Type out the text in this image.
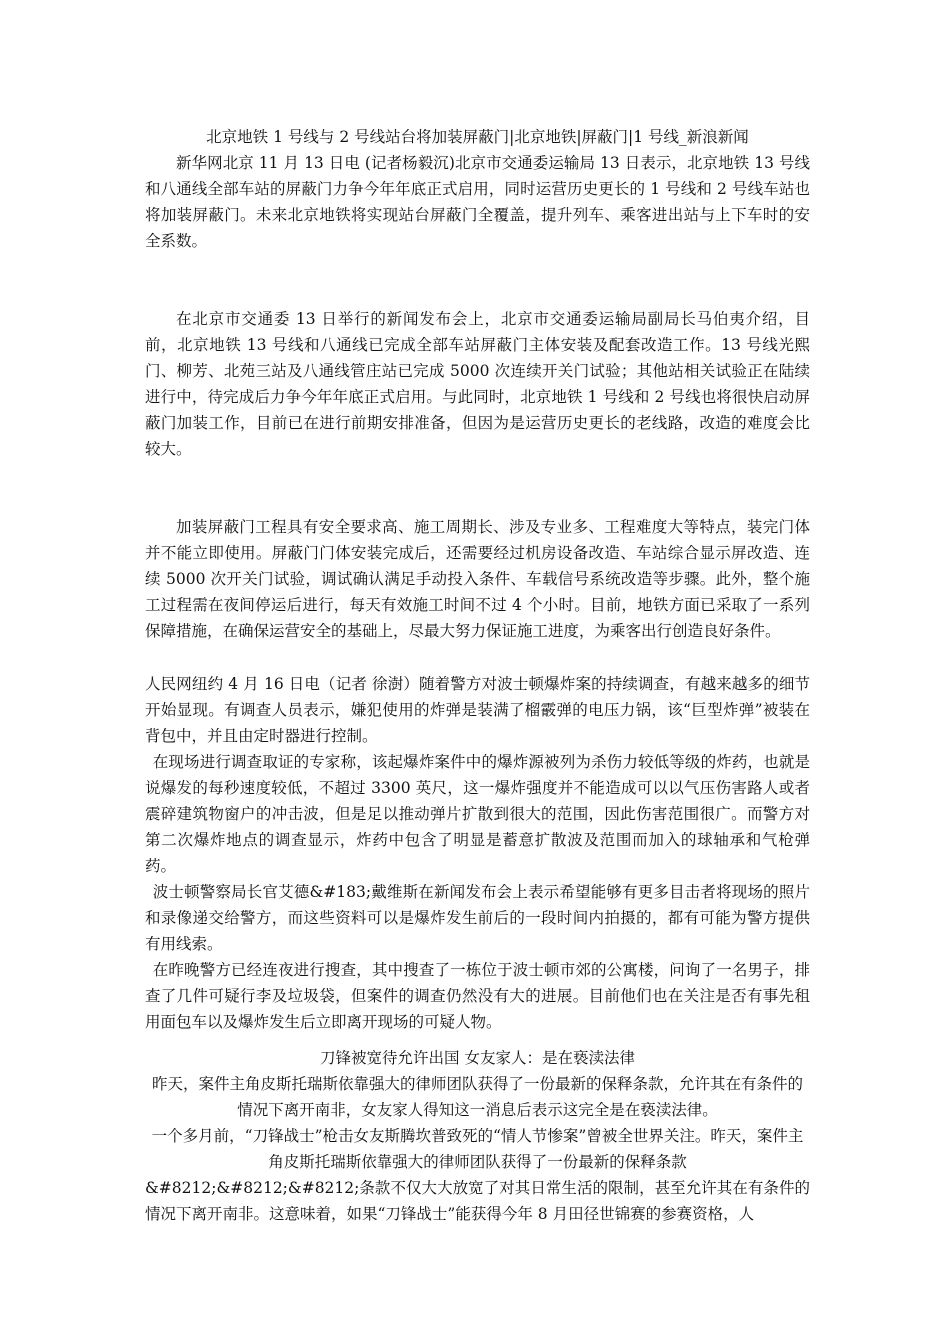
北京地铁 1 号线与 2 号线站台将加装屏蔽门|北京地铁|屏蔽门|1 号线_新浪新闻

新华网北京 11 月 13 日电 (记者杨毅沉)北京市交通委运输局 13 日表示，北京地铁 13 号线和八通线全部车站的屏蔽门力争今年年底正式启用，同时运营历史更长的 1 号线和 2 号线车站也将加装屏蔽门。未来北京地铁将实现站台屏蔽门全覆盖，提升列车、乘客进出站与上下车时的安全系数。

在北京市交通委 13 日举行的新闻发布会上，北京市交通委运输局副局长马伯夷介绍，目前，北京地铁 13 号线和八通线已完成全部车站屏蔽门主体安装及配套改造工作。13 号线光熙门、柳芳、北苑三站及八通线管庄站已完成 5000 次连续开关门试验；其他站相关试验正在陆续进行中，待完成后力争今年年底正式启用。与此同时，北京地铁 1 号线和 2 号线也将很快启动屏蔽门加装工作，目前已在进行前期安排准备，但因为是运营历史更长的老线路，改造的难度会比较大。

加装屏蔽门工程具有安全要求高、施工周期长、涉及专业多、工程难度大等特点，装完门体并不能立即使用。屏蔽门门体安装完成后，还需要经过机房设备改造、车站综合显示屏改造、连续 5000 次开关门试验，调试确认满足手动投入条件、车载信号系统改造等步骤。此外，整个施工过程需在夜间停运后进行，每天有效施工时间不过 4 个小时。目前，地铁方面已采取了一系列保障措施，在确保运营安全的基础上，尽最大努力保证施工进度，为乘客出行创造良好条件。

人民网纽约 4 月 16 日电（记者 徐澍）随着警方对波士顿爆炸案的持续调查，有越来越多的细节开始显现。有调查人员表示，嫌犯使用的炸弹是装满了榴霰弹的电压力锅，该“巨型炸弹”被装在背包中，并且由定时器进行控制。

在现场进行调查取证的专家称，该起爆炸案件中的爆炸源被列为杀伤力较低等级的炸药，也就是说爆发的每秒速度较低，不超过 3300 英尺，这一爆炸强度并不能造成可以以气压伤害路人或者震碎建筑物窗户的冲击波，但是足以推动弹片扩散到很大的范围，因此伤害范围很广。而警方对第二次爆炸地点的调查显示，炸药中包含了明显是蓄意扩散波及范围而加入的球轴承和气枪弹药。

波士顿警察局长官艾德&#183;戴维斯在新闻发布会上表示希望能够有更多目击者将现场的照片和录像递交给警方，而这些资料可以是爆炸发生前后的一段时间内拍摄的，都有可能为警方提供有用线索。

在昨晚警方已经连夜进行搜查，其中搜查了一栋位于波士顿市郊的公寓楼，问询了一名男子，排查了几件可疑行李及垃圾袋，但案件的调查仍然没有大的进展。目前他们也在关注是否有事先租用面包车以及爆炸发生后立即离开现场的可疑人物。

刀锋被宽待允许出国 女友家人：是在亵渎法律

昨天，案件主角皮斯托瑞斯依靠强大的律师团队获得了一份最新的保释条款，允许其在有条件的情况下离开南非，女友家人得知这一消息后表示这完全是在亵渎法律。

一个多月前，“刀锋战士”枪击女友斯腾坎普致死的“情人节惨案”曾被全世界关注。昨天，案件主角皮斯托瑞斯依靠强大的律师团队获得了一份最新的保释条款

&#8212;&#8212;&#8212;条款不仅大大放宽了对其日常生活的限制，甚至允许其在有条件的情况下离开南非。这意味着，如果“刀锋战士”能获得今年 8 月田径世锦赛的参赛资格，人
